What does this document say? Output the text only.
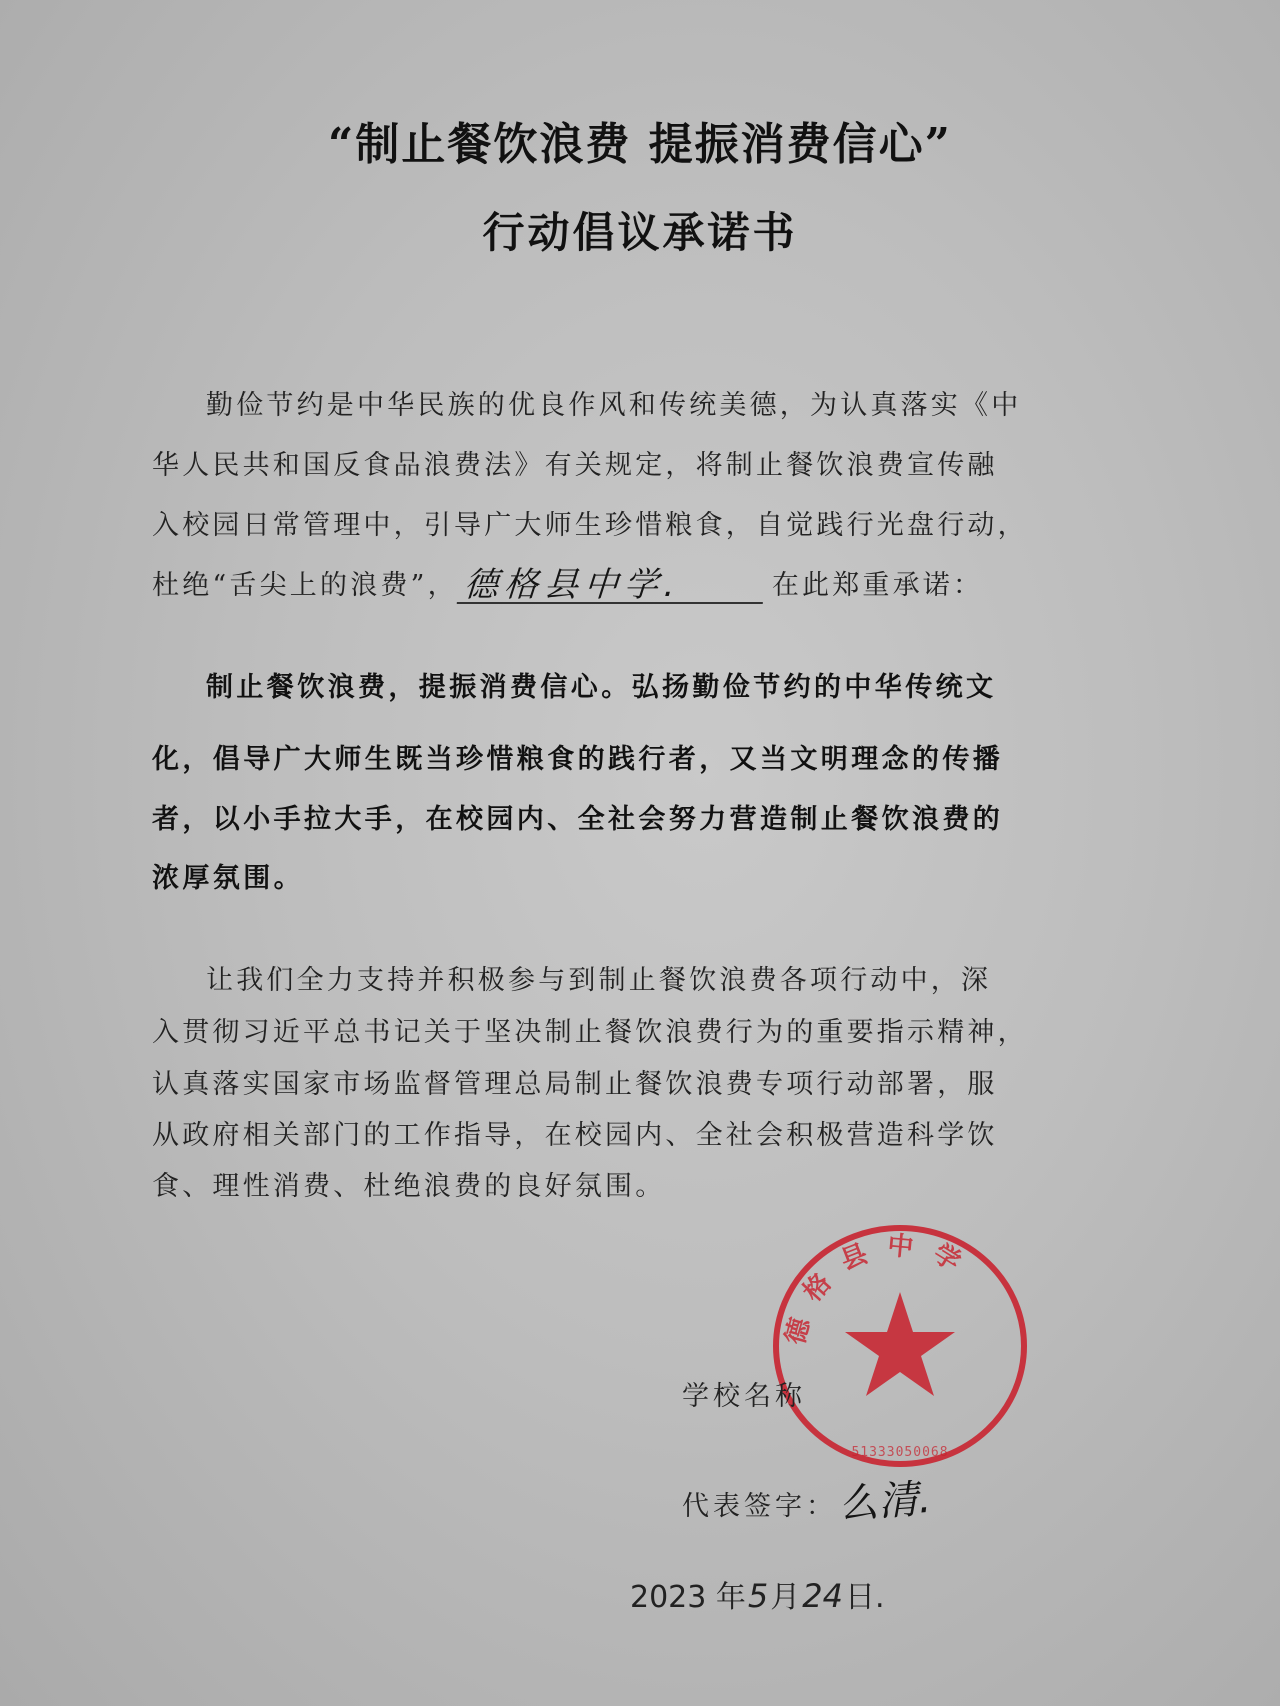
“制止餐饮浪费 提振消费信心”
行动倡议承诺书
勤俭节约是中华民族的优良作风和传统美德，为认真落实《中
华人民共和国反食品浪费法》有关规定，将制止餐饮浪费宣传融
入校园日常管理中，引导广大师生珍惜粮食，自觉践行光盘行动，
杜绝“舌尖上的浪费”， 德格县中学.	在此郑重承诺：
制止餐饮浪费，提振消费信心。弘扬勤俭节约的中华传统文
化，倡导广大师生既当珍惜粮食的践行者，又当文明理念的传播
者，以小手拉大手，在校园内、全社会努力营造制止餐饮浪费的
浓厚氛围。
让我们全力支持并积极参与到制止餐饮浪费各项行动中，深
入贯彻习近平总书记关于坚决制止餐饮浪费行为的重要指示精神，
认真落实国家市场监督管理总局制止餐饮浪费专项行动部署，服
从政府相关部门的工作指导，在校园内、全社会积极营造科学饮
食、理性消费、杜绝浪费的良好氛围。
德格县中学
51333050068
学校名称
代表签字： 么清.
2023 年5月24日.
